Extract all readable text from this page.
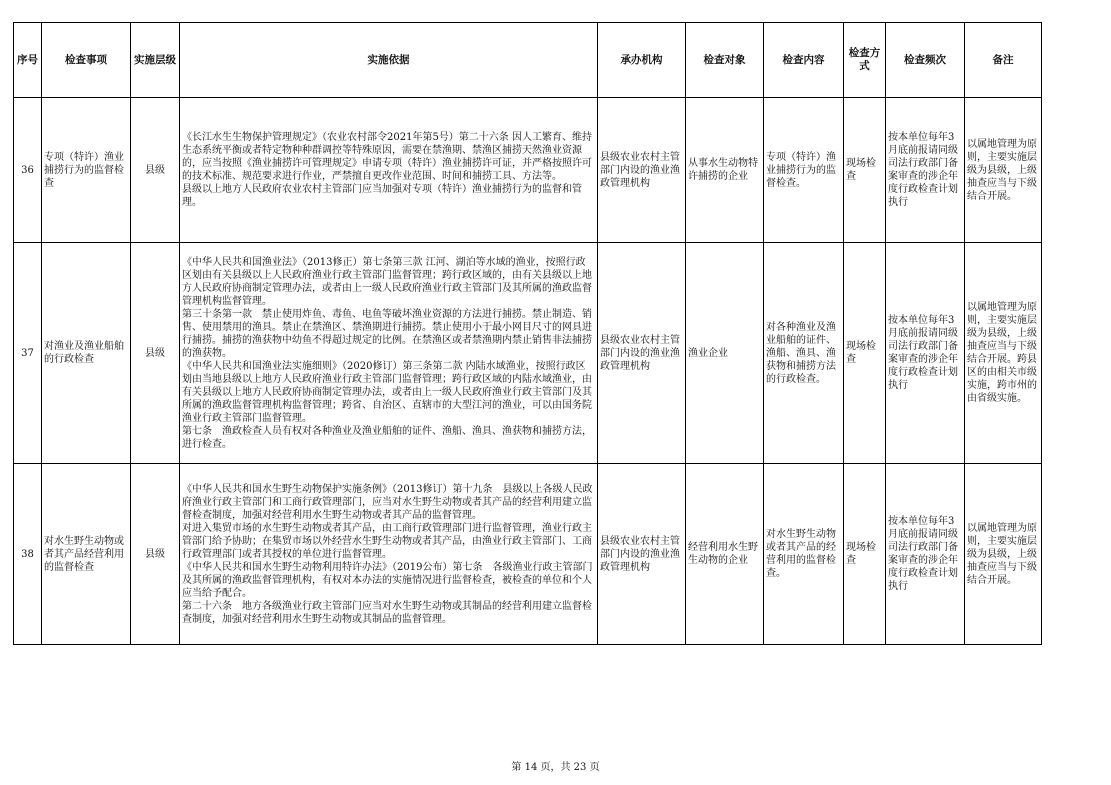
序号	检查事项	实施层级	实施依据	承办机构	检查对象	检查内容	检查方式	检查频次	备注
36	专项（特许）渔业捕捞行为的监督检查	县级	《长江水生生物保护管理规定》（农业农村部令2021年第5号）第二十六条 因人工繁育、维持生态系统平衡或者特定物种种群调控等特殊原因，需要在禁渔期、禁渔区捕捞天然渔业资源的，应当按照《渔业捕捞许可管理规定》申请专项（特许）渔业捕捞许可证，并严格按照许可的技术标准、规范要求进行作业，严禁擅自更改作业范围、时间和捕捞工具、方法等。

县级以上地方人民政府农业农村主管部门应当加强对专项（特许）渔业捕捞行为的监督和管理。	县级农业农村主管部门内设的渔业渔政管理机构	从事水生动物特许捕捞的企业	专项（特许）渔业捕捞行为的监督检查。	现场检查	按本单位每年3月底前报请同级司法行政部门备案审查的涉企年度行政检查计划执行	以属地管理为原则，主要实施层级为县级，上级抽查应当与下级结合开展。
37	对渔业及渔业船舶的行政检查	县级	《中华人民共和国渔业法》（2013修正）第七条第三款 江河、湖泊等水域的渔业，按照行政区划由有关县级以上人民政府渔业行政主管部门监督管理；跨行政区域的，由有关县级以上地方人民政府协商制定管理办法，或者由上一级人民政府渔业行政主管部门及其所属的渔政监督管理机构监督管理。

第三十条第一款　禁止使用炸鱼、毒鱼、电鱼等破坏渔业资源的方法进行捕捞。禁止制造、销售、使用禁用的渔具。禁止在禁渔区、禁渔期进行捕捞。禁止使用小于最小网目尺寸的网具进行捕捞。捕捞的渔获物中幼鱼不得超过规定的比例。在禁渔区或者禁渔期内禁止销售非法捕捞的渔获物。

《中华人民共和国渔业法实施细则》（2020修订）第三条第二款 内陆水域渔业，按照行政区划由当地县级以上地方人民政府渔业行政主管部门监督管理；跨行政区域的内陆水域渔业，由有关县级以上地方人民政府协商制定管理办法，或者由上一级人民政府渔业行政主管部门及其所属的渔政监督管理机构监督管理；跨省、自治区、直辖市的大型江河的渔业，可以由国务院渔业行政主管部门监督管理。

第七条　渔政检查人员有权对各种渔业及渔业船舶的证件、渔船、渔具、渔获物和捕捞方法，进行检查。	县级农业农村主管部门内设的渔业渔政管理机构	渔业企业	对各种渔业及渔业船舶的证件、渔船、渔具、渔获物和捕捞方法的行政检查。	现场检查	按本单位每年3月底前报请同级司法行政部门备案审查的涉企年度行政检查计划执行	以属地管理为原则，主要实施层级为县级，上级抽查应当与下级结合开展。跨县区的由相关市级实施，跨市州的由省级实施。
38	对水生野生动物或者其产品经营利用的监督检查	县级	《中华人民共和国水生野生动物保护实施条例》（2013修订）第十九条　县级以上各级人民政府渔业行政主管部门和工商行政管理部门，应当对水生野生动物或者其产品的经营利用建立监督检查制度，加强对经营利用水生野生动物或者其产品的监督管理。

对进入集贸市场的水生野生动物或者其产品，由工商行政管理部门进行监督管理，渔业行政主管部门给予协助；在集贸市场以外经营水生野生动物或者其产品，由渔业行政主管部门、工商行政管理部门或者其授权的单位进行监督管理。

《中华人民共和国水生野生动物利用特许办法》（2019公布）第七条　各级渔业行政主管部门及其所属的渔政监督管理机构，有权对本办法的实施情况进行监督检查，被检查的单位和个人应当给予配合。

第二十六条　地方各级渔业行政主管部门应当对水生野生动物或其制品的经营利用建立监督检查制度，加强对经营利用水生野生动物或其制品的监督管理。	县级农业农村主管部门内设的渔业渔政管理机构	经营利用水生野生动物的企业	对水生野生动物或者其产品的经营利用的监督检查。	现场检查	按本单位每年3月底前报请同级司法行政部门备案审查的涉企年度行政检查计划执行	以属地管理为原则，主要实施层级为县级，上级抽查应当与下级结合开展。
第 14 页，共 23 页
